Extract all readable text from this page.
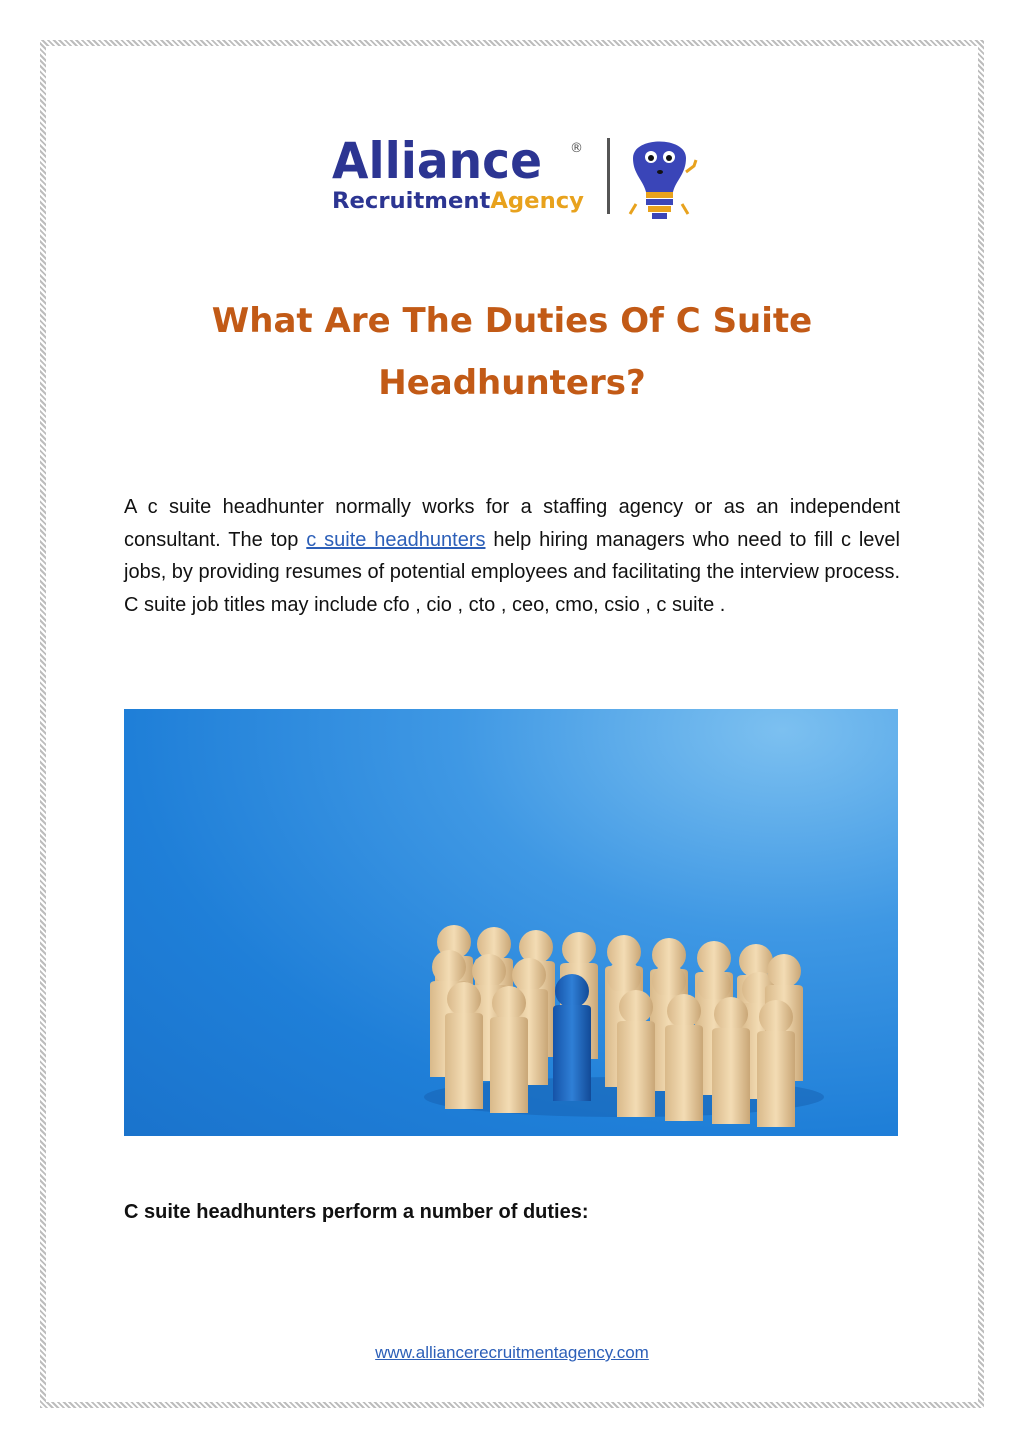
Alliance
Recruitment Agency
®
What Are The Duties Of C Suite
Headhunters?

A c suite headhunter normally works for a staffing agency or as an independent consultant. The top c suite headhunters help hiring managers who need to fill c level jobs, by providing resumes of potential employees and facilitating the interview process. C suite job titles may include cfo , cio , cto , ceo, cmo, csio , c suite .

C suite headhunters perform a number of duties:
www.alliancerecruitmentagency.com
